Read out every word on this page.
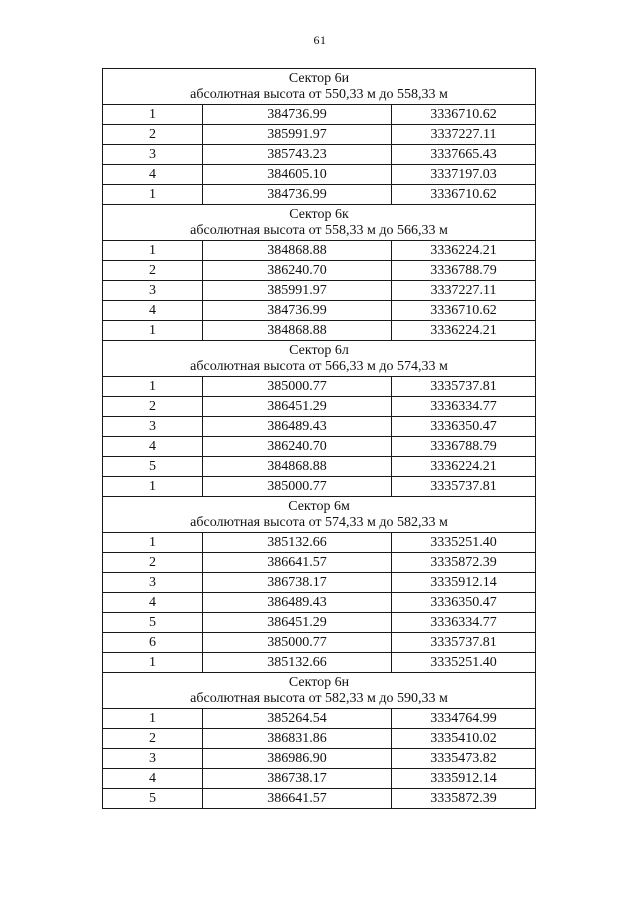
61
Сектор 6и
абсолютная высота от 550,33 м до 558,33 м		

1	384736.99	3336710.62
2	385991.97	3337227.11
3	385743.23	3337665.43
4	384605.10	3337197.03
1	384736.99	3336710.62

Сектор 6к
абсолютная высота от 558,33 м до 566,33 м		

1	384868.88	3336224.21
2	386240.70	3336788.79
3	385991.97	3337227.11
4	384736.99	3336710.62
1	384868.88	3336224.21

Сектор 6л
абсолютная высота от 566,33 м до 574,33 м		

1	385000.77	3335737.81
2	386451.29	3336334.77
3	386489.43	3336350.47
4	386240.70	3336788.79
5	384868.88	3336224.21
1	385000.77	3335737.81

Сектор 6м
абсолютная высота от 574,33 м до 582,33 м		

1	385132.66	3335251.40
2	386641.57	3335872.39
3	386738.17	3335912.14
4	386489.43	3336350.47
5	386451.29	3336334.77
6	385000.77	3335737.81
1	385132.66	3335251.40

Сектор 6н
абсолютная высота от 582,33 м до 590,33 м		

1	385264.54	3334764.99
2	386831.86	3335410.02
3	386986.90	3335473.82
4	386738.17	3335912.14
5	386641.57	3335872.39
